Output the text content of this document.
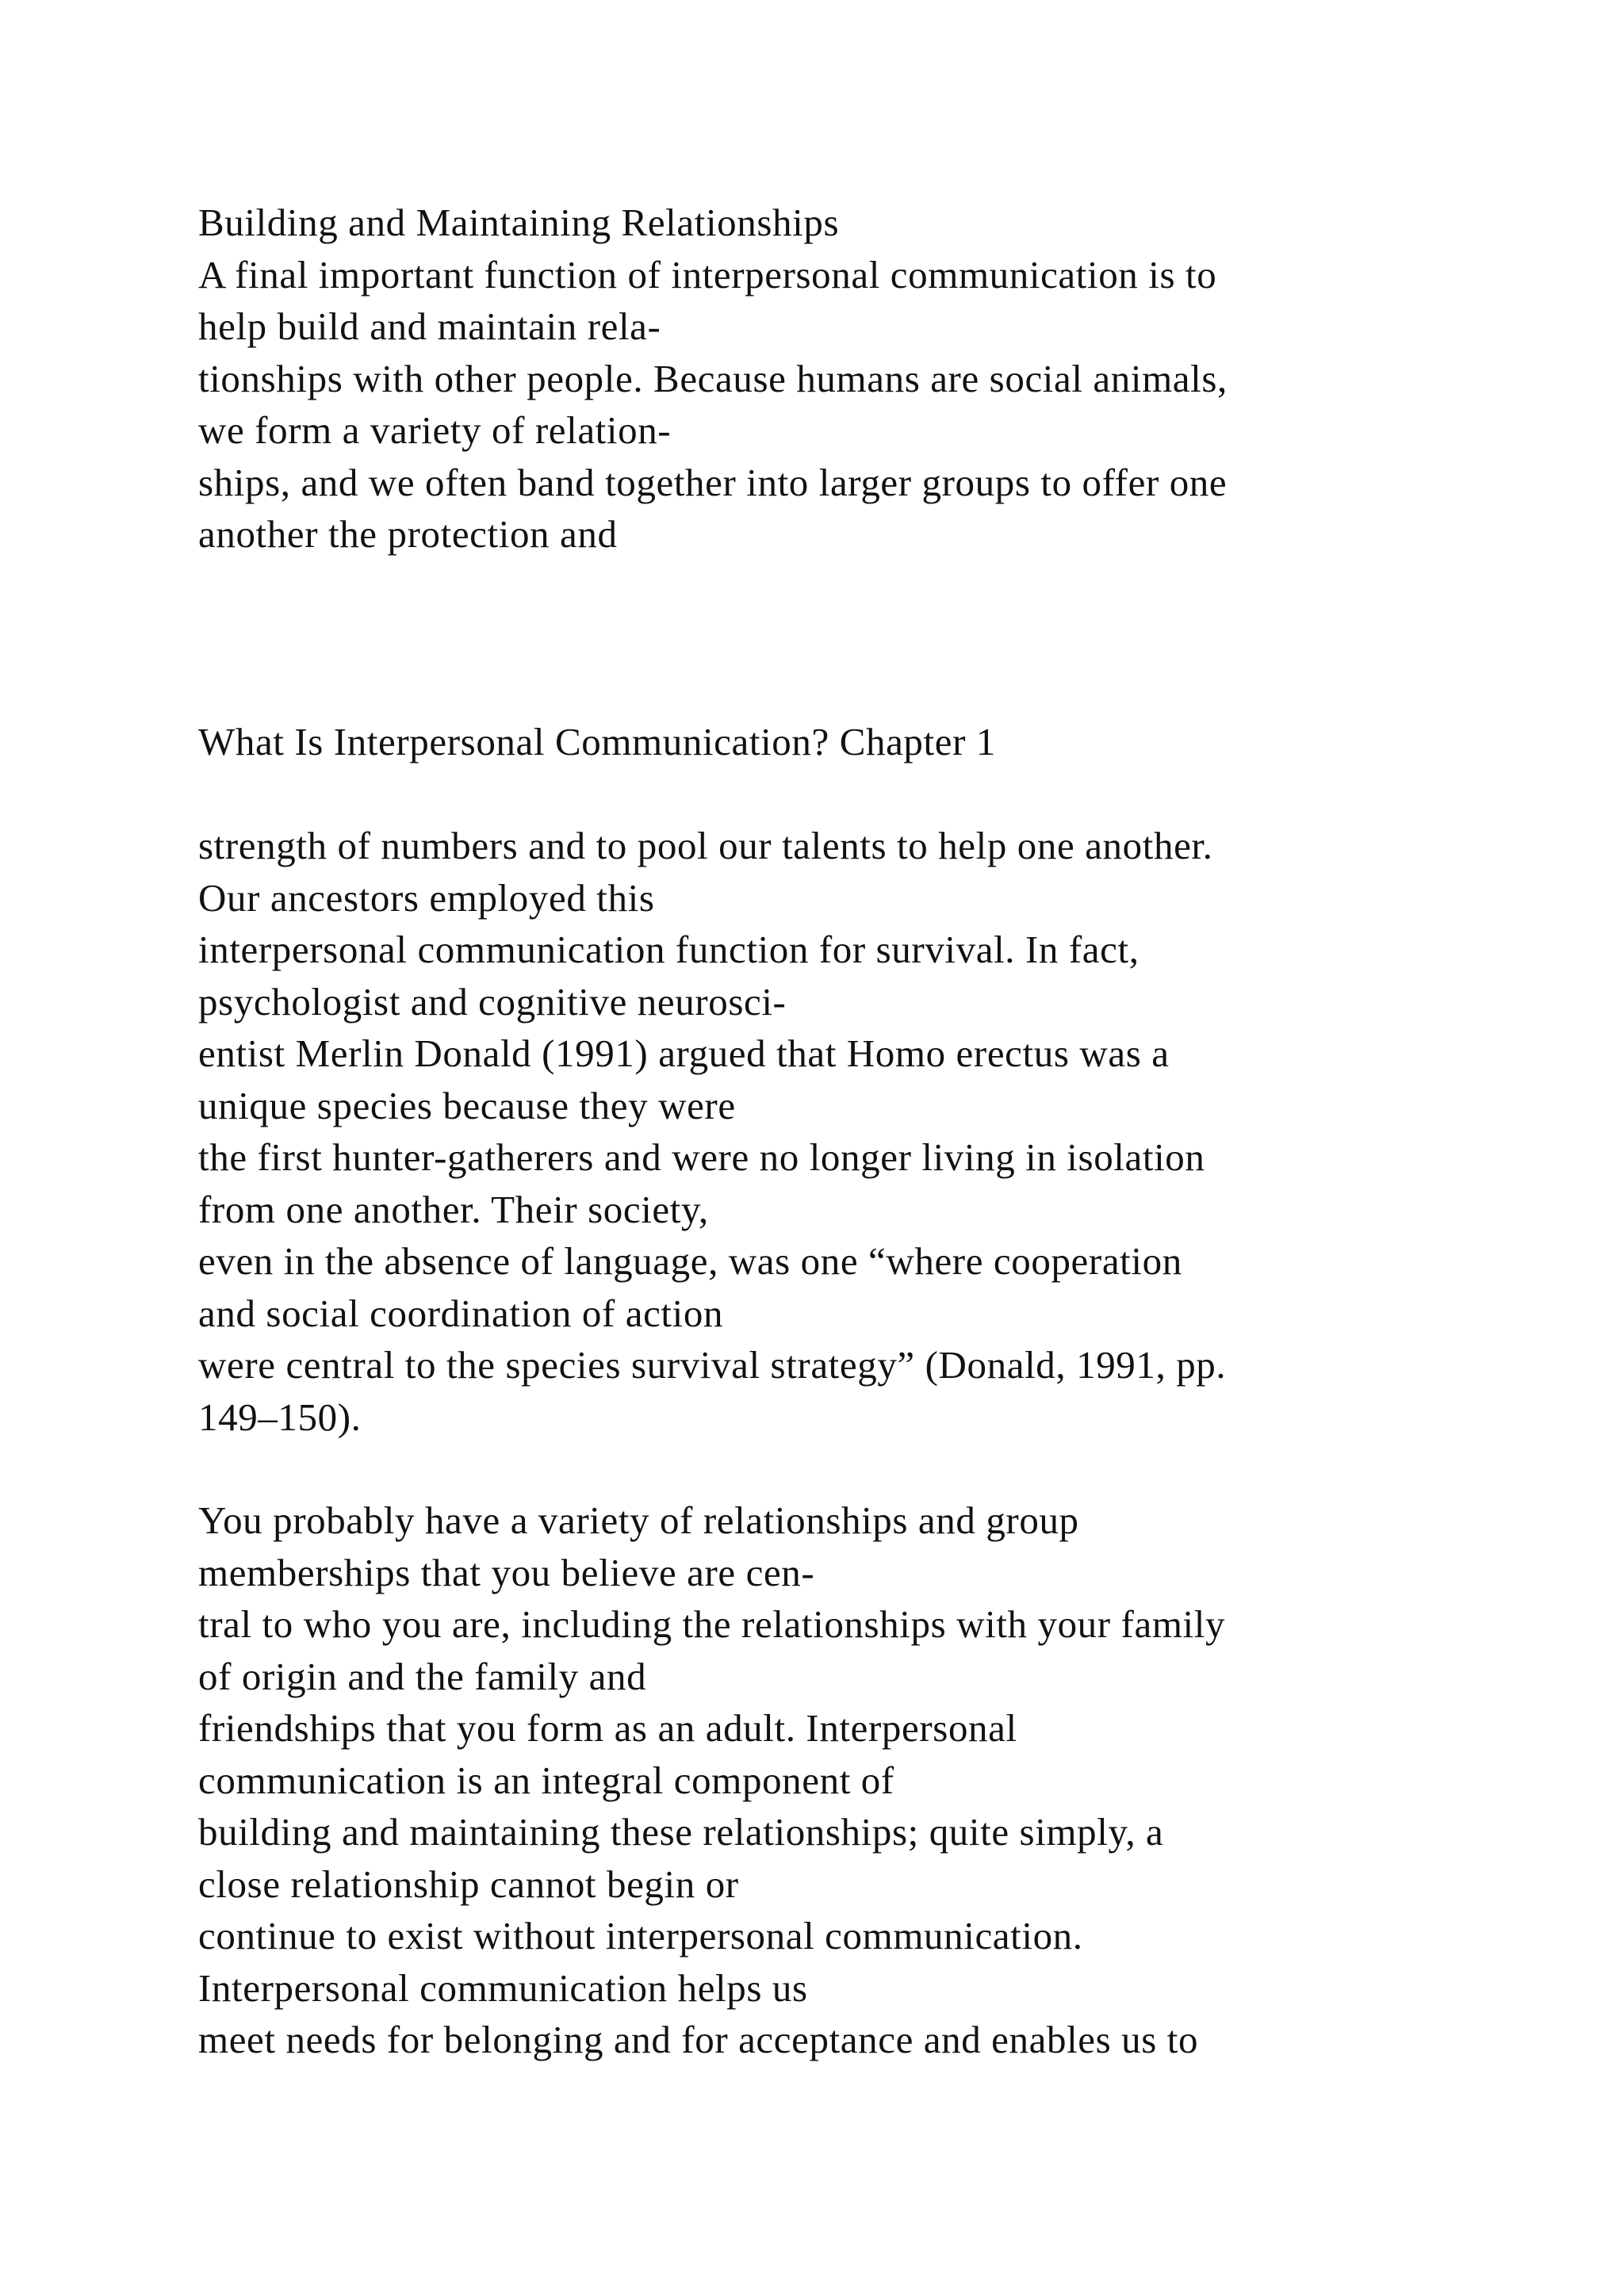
Building and Maintaining Relationships
A final important function of interpersonal communication is to
help build and maintain rela-
tionships with other people. Because humans are social animals,
we form a variety of relation-
ships, and we often band together into larger groups to offer one
another the protection and
What Is Interpersonal Communication? Chapter 1
strength of numbers and to pool our talents to help one another.
Our ancestors employed this
interpersonal communication function for survival. In fact,
psychologist and cognitive neurosci-
entist Merlin Donald (1991) argued that Homo erectus was a
unique species because they were
the first hunter-gatherers and were no longer living in isolation
from one another. Their society,
even in the absence of language, was one “where cooperation
and social coordination of action
were central to the species survival strategy” (Donald, 1991, pp.
149–150).
You probably have a variety of relationships and group
memberships that you believe are cen-
tral to who you are, including the relationships with your family
of origin and the family and
friendships that you form as an adult. Interpersonal
communication is an integral component of
building and maintaining these relationships; quite simply, a
close relationship cannot begin or
continue to exist without interpersonal communication.
Interpersonal communication helps us
meet needs for belonging and for acceptance and enables us to
